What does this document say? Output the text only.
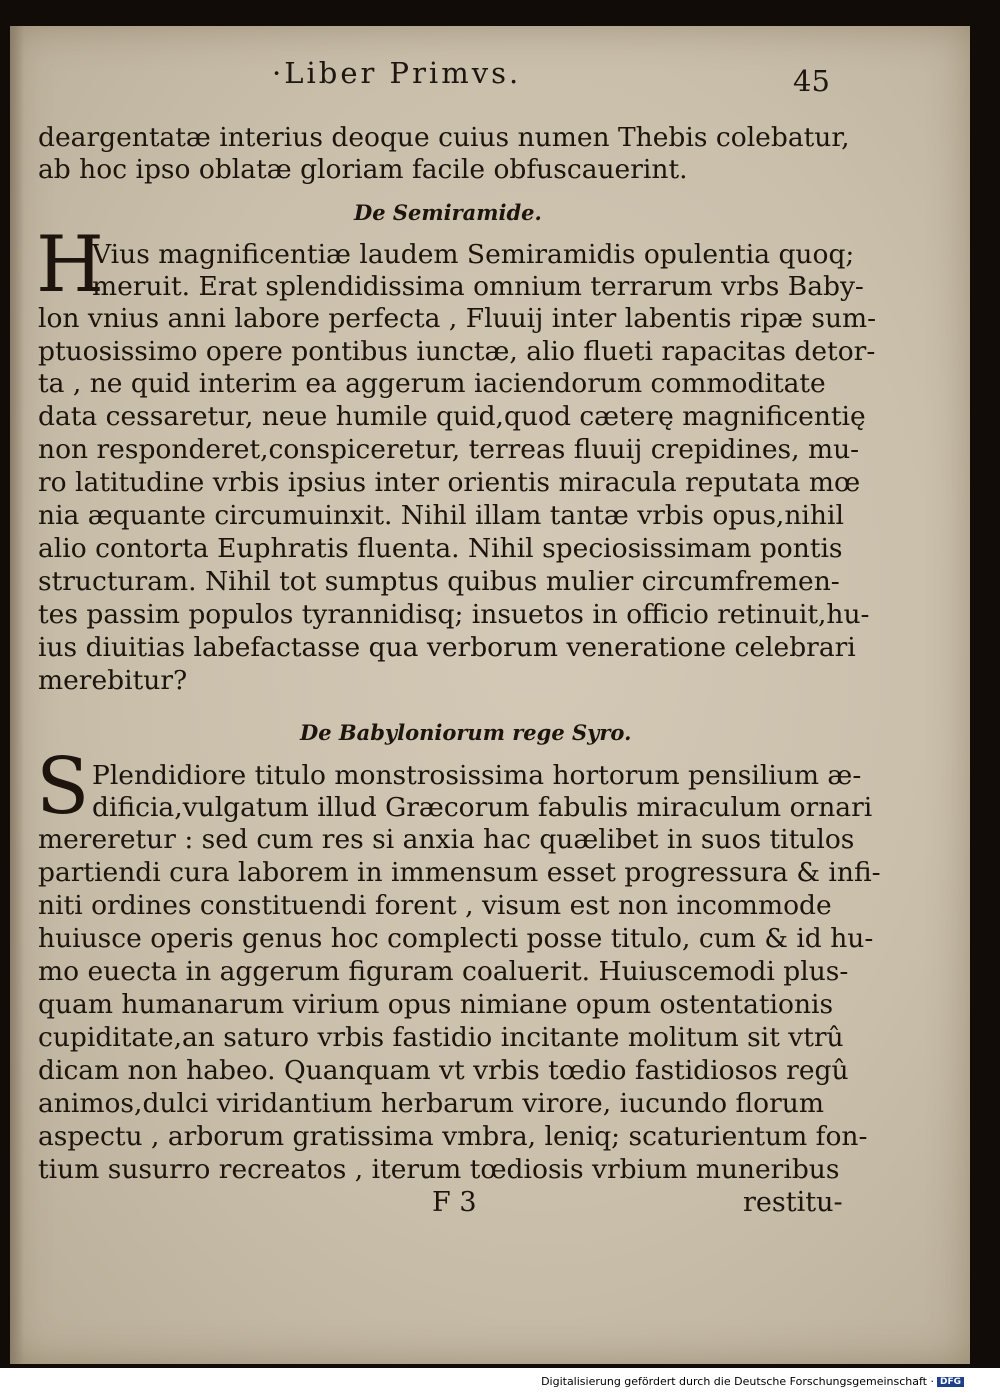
·Liber Primvs.	45
deargentatæ interius deoque cuius numen Thebis colebatur,
ab hoc ipso oblatæ gloriam facile obfuscauerint.
De Semiramide.
H
Vius magnificentiæ laudem Semiramidis opulentia quoq;
meruit. Erat splendidissima omnium terrarum vrbs Baby-
lon vnius anni labore perfecta , Fluuij inter labentis ripæ sum-
ptuosissimo opere pontibus iunctæ, alio flueti rapacitas detor-
ta , ne quid interim ea aggerum iaciendorum commoditate
data cessaretur, neue humile quid,quod cæterę magnificentię
non responderet,conspiceretur, terreas fluuij crepidines, mu-
ro latitudine vrbis ipsius inter orientis miracula reputata mœ
nia æquante circumuinxit. Nihil illam tantæ vrbis opus,nihil
alio contorta Euphratis fluenta. Nihil speciosissimam pontis
structuram. Nihil tot sumptus quibus mulier circumfremen-
tes passim populos tyrannidisq; insuetos in officio retinuit,hu-
ius diuitias labefactasse qua verborum veneratione celebrari
merebitur?
De Babyloniorum rege Syro.
S Plendidiore titulo monstrosissima hortorum pensilium æ-
dificia,vulgatum illud Græcorum fabulis miraculum ornari
mereretur : sed cum res si anxia hac quælibet in suos titulos
partiendi cura laborem in immensum esset progressura & infi-
niti ordines constituendi forent , visum est non incommode
huiusce operis genus hoc complecti posse titulo, cum & id hu-
mo euecta in aggerum figuram coaluerit. Huiuscemodi plus-
quam humanarum virium opus nimiane opum ostentationis
cupiditate,an saturo vrbis fastidio incitante molitum sit vtrû
dicam non habeo. Quanquam vt vrbis tœdio fastidiosos regû
animos,dulci viridantium herbarum virore, iucundo florum
aspectu , arborum gratissima vmbra, leniq; scaturientum fon-
tium susurro recreatos , iterum tœdiosis vrbium muneribus
F 3	restitu-
Digitalisierung gefördert durch die Deutsche Forschungsgemeinschaft · DFG
